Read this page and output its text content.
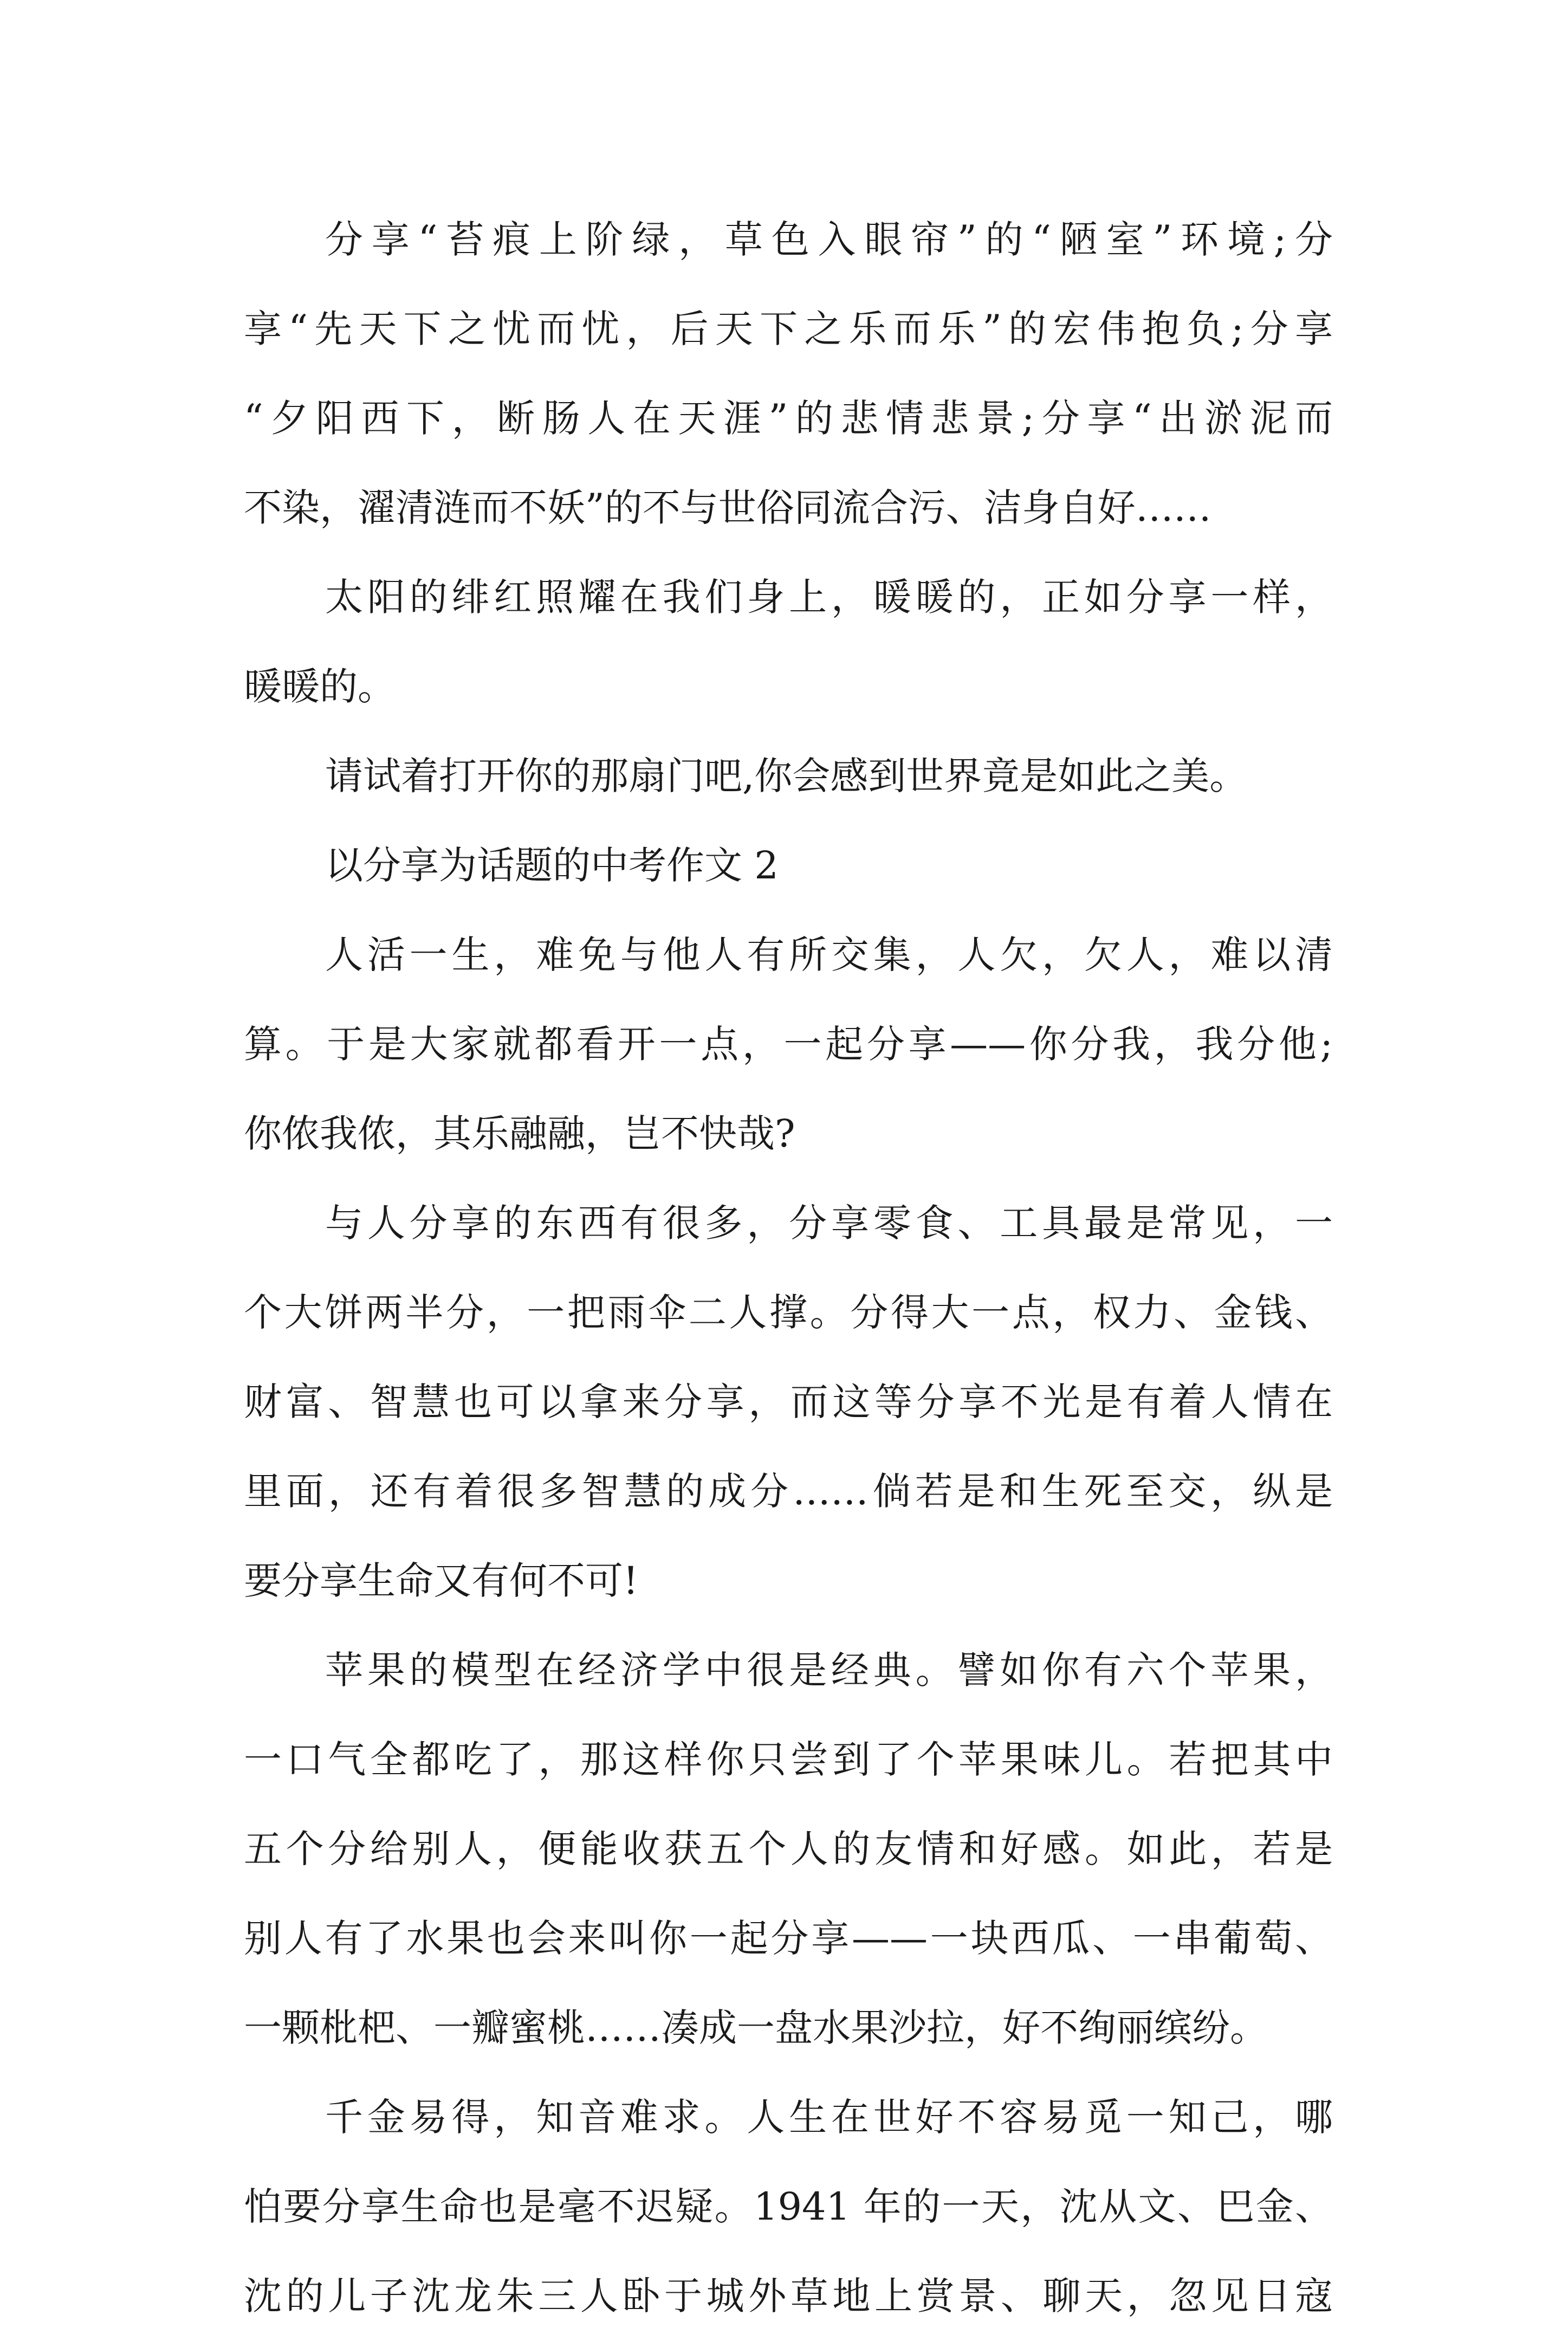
分享“苔痕上阶绿，草色入眼帘”的“陋室”环境;分
享“先天下之忧而忧，后天下之乐而乐”的宏伟抱负;分享
“夕阳西下，断肠人在天涯”的悲情悲景;分享“出淤泥而
不染，濯清涟而不妖”的不与世俗同流合污、洁身自好……
太阳的绯红照耀在我们身上，暖暖的，正如分享一样，
暖暖的。
请试着打开你的那扇门吧,你会感到世界竟是如此之美。
以分享为话题的中考作文 2
人活一生，难免与他人有所交集，人欠，欠人，难以清
算。于是大家就都看开一点，一起分享——你分我，我分他;
你侬我侬，其乐融融，岂不快哉?
与人分享的东西有很多，分享零食、工具最是常见，一
个大饼两半分，一把雨伞二人撑。分得大一点，权力、金钱、
财富、智慧也可以拿来分享，而这等分享不光是有着人情在
里面，还有着很多智慧的成分……倘若是和生死至交，纵是
要分享生命又有何不可!
苹果的模型在经济学中很是经典。譬如你有六个苹果，
一口气全都吃了，那这样你只尝到了个苹果味儿。若把其中
五个分给别人，便能收获五个人的友情和好感。如此，若是
别人有了水果也会来叫你一起分享——一块西瓜、一串葡萄、
一颗枇杷、一瓣蜜桃……凑成一盘水果沙拉，好不绚丽缤纷。
千金易得，知音难求。人生在世好不容易觅一知己，哪
怕要分享生命也是毫不迟疑。1941 年的一天，沈从文、巴金、
沈的儿子沈龙朱三人卧于城外草地上赏景、聊天，忽见日寇
